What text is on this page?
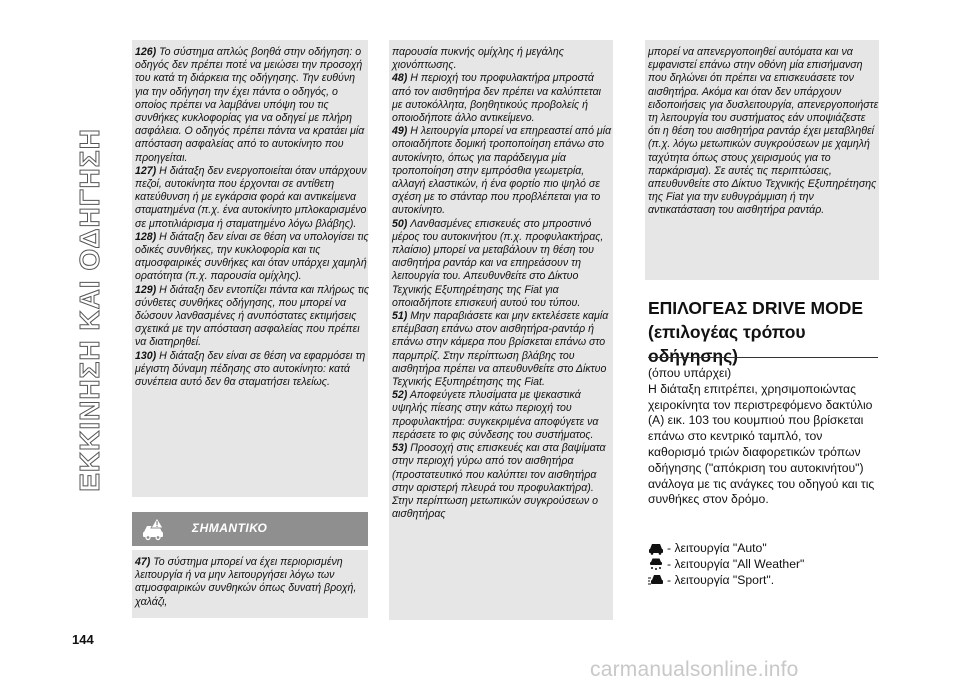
ΕΚΚΙΝΗΣΗ ΚΑΙ ΟΔΗΓΗΣΗ

126) Το σύστημα απλώς βοηθά στην οδήγηση: ο οδηγός δεν πρέπει ποτέ να μειώσει την προσοχή του κατά τη διάρκεια της οδήγησης. Την ευθύνη για την οδήγηση την έχει πάντα ο οδηγός, ο οποίος πρέπει να λαμβάνει υπόψη του τις συνθήκες κυκλοφορίας για να οδηγεί με πλήρη ασφάλεια. Ο οδηγός πρέπει πάντα να κρατάει μία απόσταση ασφαλείας από το αυτοκίνητο που προηγείται.

127) Η διάταξη δεν ενεργοποιείται όταν υπάρχουν πεζοί, αυτοκίνητα που έρχονται σε αντίθετη κατεύθυνση ή με εγκάρσια φορά και αντικείμενα σταματημένα (π.χ. ένα αυτοκίνητο μπλοκαρισμένο σε μποτιλιάρισμα ή σταματημένο λόγω βλάβης).

128) Η διάταξη δεν είναι σε θέση να υπολογίσει τις οδικές συνθήκες, την κυκλοφορία και τις ατμοσφαιρικές συνθήκες και όταν υπάρχει χαμηλή ορατότητα (π.χ. παρουσία ομίχλης).

129) Η διάταξη δεν εντοπίζει πάντα και πλήρως τις σύνθετες συνθήκες οδήγησης, που μπορεί να δώσουν λανθασμένες ή ανυπόστατες εκτιμήσεις σχετικά με την απόσταση ασφαλείας που πρέπει να διατηρηθεί.

130) Η διάταξη δεν είναι σε θέση να εφαρμόσει τη μέγιστη δύναμη πέδησης στο αυτοκίνητο: κατά συνέπεια αυτό δεν θα σταματήσει τελείως.

ΣΗΜΑΝΤΙΚΟ

47) Το σύστημα μπορεί να έχει περιορισμένη λειτουργία ή να μην λειτουργήσει λόγω των ατμοσφαιρικών συνθηκών όπως δυνατή βροχή, χαλάζι,

παρουσία πυκνής ομίχλης ή μεγάλης χιονόπτωσης.

48) Η περιοχή του προφυλακτήρα μπροστά από τον αισθητήρα δεν πρέπει να καλύπτεται με αυτοκόλλητα, βοηθητικούς προβολείς ή οποιοδήποτε άλλο αντικείμενο.

49) Η λειτουργία μπορεί να επηρεαστεί από μία οποιαδήποτε δομική τροποποίηση επάνω στο αυτοκίνητο, όπως για παράδειγμα μία τροποποίηση στην εμπρόσθια γεωμετρία, αλλαγή ελαστικών, ή ένα φορτίο πιο ψηλό σε σχέση με το στάνταρ που προβλέπεται για το αυτοκίνητο.

50) Λανθασμένες επισκευές στο μπροστινό μέρος του αυτοκινήτου (π.χ. προφυλακτήρας, πλαίσιο) μπορεί να μεταβάλουν τη θέση του αισθητήρα ραντάρ και να επηρεάσουν τη λειτουργία του. Απευθυνθείτε στο Δίκτυο Τεχνικής Εξυπηρέτησης της Fiat για οποιαδήποτε επισκευή αυτού του τύπου.

51) Μην παραβιάσετε και μην εκτελέσετε καμία επέμβαση επάνω στον αισθητήρα-ραντάρ ή επάνω στην κάμερα που βρίσκεται επάνω στο παρμπρίζ. Στην περίπτωση βλάβης του αισθητήρα πρέπει να απευθυνθείτε στο Δίκτυο Τεχνικής Εξυπηρέτησης της Fiat.

52) Αποφεύγετε πλυσίματα με ψεκαστικά υψηλής πίεσης στην κάτω περιοχή του προφυλακτήρα: συγκεκριμένα αποφύγετε να περάσετε το φις σύνδεσης του συστήματος.

53) Προσοχή στις επισκευές και στα βαψίματα στην περιοχή γύρω από τον αισθητήρα (προστατευτικό που καλύπτει τον αισθητήρα στην αριστερή πλευρά του προφυλακτήρα). Στην περίπτωση μετωπικών συγκρούσεων ο αισθητήρας

μπορεί να απενεργοποιηθεί αυτόματα και να εμφανιστεί επάνω στην οθόνη μία επισήμανση που δηλώνει ότι πρέπει να επισκευάσετε τον αισθητήρα. Ακόμα και όταν δεν υπάρχουν ειδοποιήσεις για δυσλειτουργία, απενεργοποιήστε τη λειτουργία του συστήματος εάν υποψιάζεστε ότι η θέση του αισθητήρα ραντάρ έχει μεταβληθεί (π.χ. λόγω μετωπικών συγκρούσεων με χαμηλή ταχύτητα όπως στους χειρισμούς για το παρκάρισμα). Σε αυτές τις περιπτώσεις, απευθυνθείτε στο Δίκτυο Τεχνικής Εξυπηρέτησης της Fiat για την ευθυγράμμιση ή την αντικατάσταση του αισθητήρα ραντάρ.

ΕΠΙΛΟΓΕΑΣ DRIVE MODE (επιλογέας τρόπου οδήγησης)

(όπου υπάρχει)
Η διάταξη επιτρέπει, χρησιμοποιώντας χειροκίνητα τον περιστρεφόμενο δακτύλιο (A) εικ. 103 του κουμπιού που βρίσκεται επάνω στο κεντρικό ταμπλό, τον καθορισμό τριών διαφορετικών τρόπων οδήγησης ("απόκριση του αυτοκινήτου") ανάλογα με τις ανάγκες του οδηγού και τις συνθήκες στον δρόμο.

- λειτουργία "Auto"
- λειτουργία "All Weather"
- λειτουργία "Sport".
144
carmanualsonline.info
